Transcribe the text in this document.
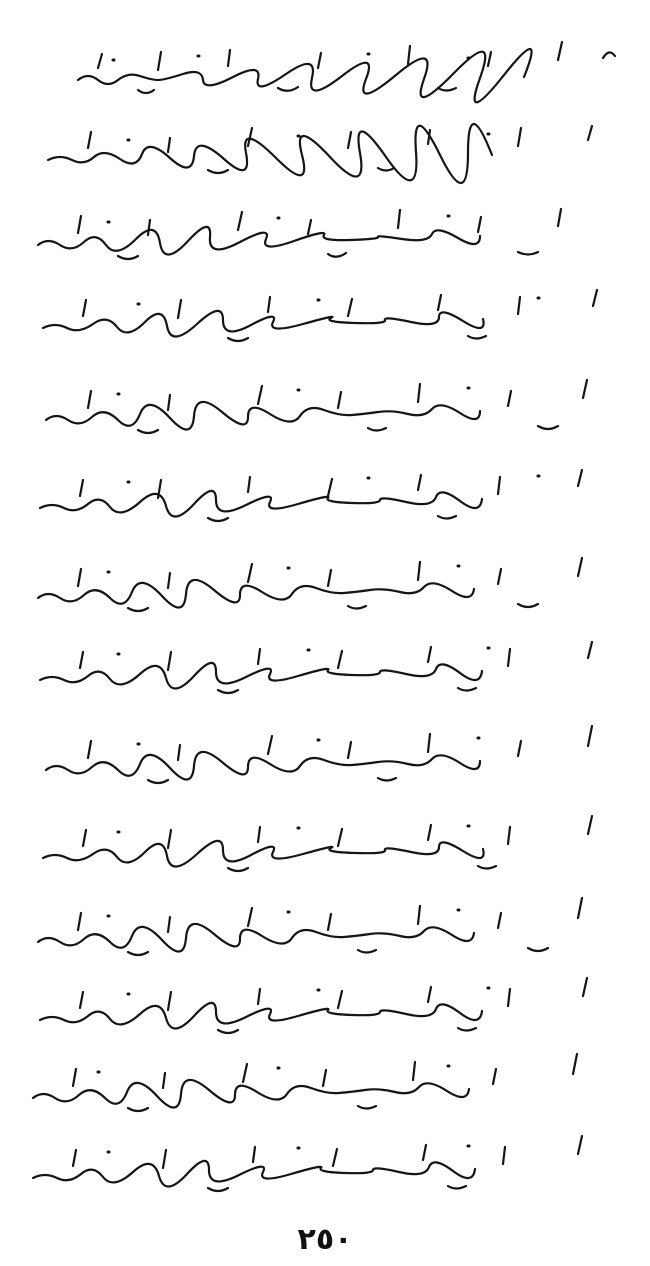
٢٥٠
